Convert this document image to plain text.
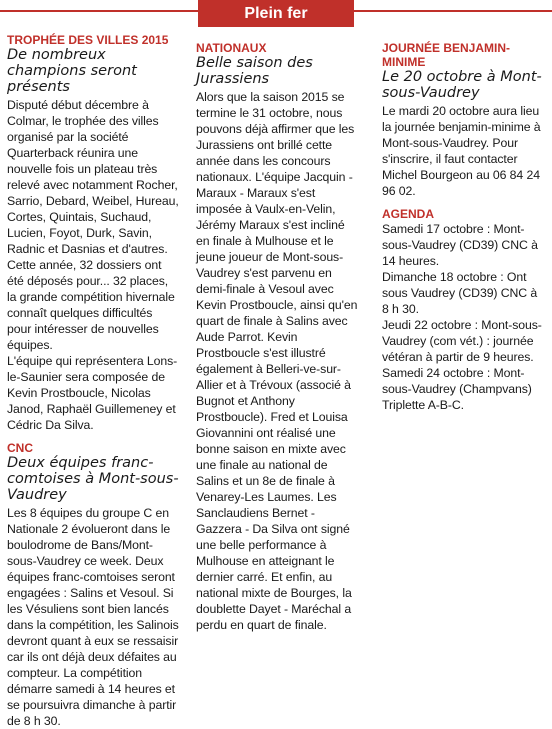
Plein fer

TROPHÉE DES VILLES 2015

De nombreux champions seront présents

Disputé début décembre à Colmar, le trophée des villes organisé par la société Quarterback réunira une nouvelle fois un plateau très relevé avec notamment Rocher, Sarrio, Debard, Weibel, Hureau, Cortes, Quintais, Suchaud, Lucien, Foyot, Durk, Savin, Radnic et Dasnias et d'autres.

Cette année, 32 dossiers ont été déposés pour... 32 places, la grande compétition hivernale connaît quelques difficultés pour intéresser de nouvelles équipes.

L'équipe qui représentera Lons-le-Saunier sera composée de Kevin Prostboucle, Nicolas Janod, Raphaël Guillemeney et Cédric Da Silva.

CNC

Deux équipes franc-comtoises à Mont-sous-Vaudrey

Les 8 équipes du groupe C en Nationale 2 évolueront dans le boulodrome de Bans/Mont-sous-Vaudrey ce week. Deux équipes franc-comtoises seront engagées : Salins et Vesoul. Si les Vésuliens sont bien lancés dans la compétition, les Salinois devront quant à eux se ressaisir car ils ont déjà deux défaites au compteur. La compétition démarre samedi à 14 heures et se poursuivra dimanche à partir de 8 h 30.

NATIONAUX

Belle saison des Jurassiens

Alors que la saison 2015 se termine le 31 octobre, nous pouvons déjà affirmer que les Jurassiens ont brillé cette année dans les concours nationaux. L'équipe Jacquin - Maraux - Maraux s'est imposée à Vaulx-en-Velin, Jérémy Maraux s'est incliné en finale à Mulhouse et le jeune joueur de Mont-sous-Vaudrey s'est parvenu en demi-finale à Vesoul avec Kevin Prostboucle, ainsi qu'en quart de finale à Salins avec Aude Parrot. Kevin Prostboucle s'est illustré également à Belleri-ve-sur-Allier et à Trévoux (associé à Bugnot et Anthony Prostboucle). Fred et Louisa Giovannini ont réalisé une bonne saison en mixte avec une finale au national de Salins et un 8e de finale à Venarey-Les Laumes. Les Sanclaudiens Bernet - Gazzera - Da Silva ont signé une belle performance à Mulhouse en atteignant le dernier carré. Et enfin, au national mixte de Bourges, la doublette Dayet - Maréchal a perdu en quart de finale.

JOURNÉE BENJAMIN-MINIME

Le 20 octobre à Mont-sous-Vaudrey

Le mardi 20 octobre aura lieu la journée benjamin-minime à Mont-sous-Vaudrey. Pour s'inscrire, il faut contacter Michel Bourgeon au 06 84 24 96 02.

AGENDA

Samedi 17 octobre : Mont-sous-Vaudrey (CD39) CNC à 14 heures.

Dimanche 18 octobre : Ont sous Vaudrey (CD39) CNC à 8 h 30.

Jeudi 22 octobre : Mont-sous-Vaudrey (com vét.) : journée vétéran à partir de 9 heures.

Samedi 24 octobre : Mont-sous-Vaudrey (Champvans) Triplette A-B-C.
